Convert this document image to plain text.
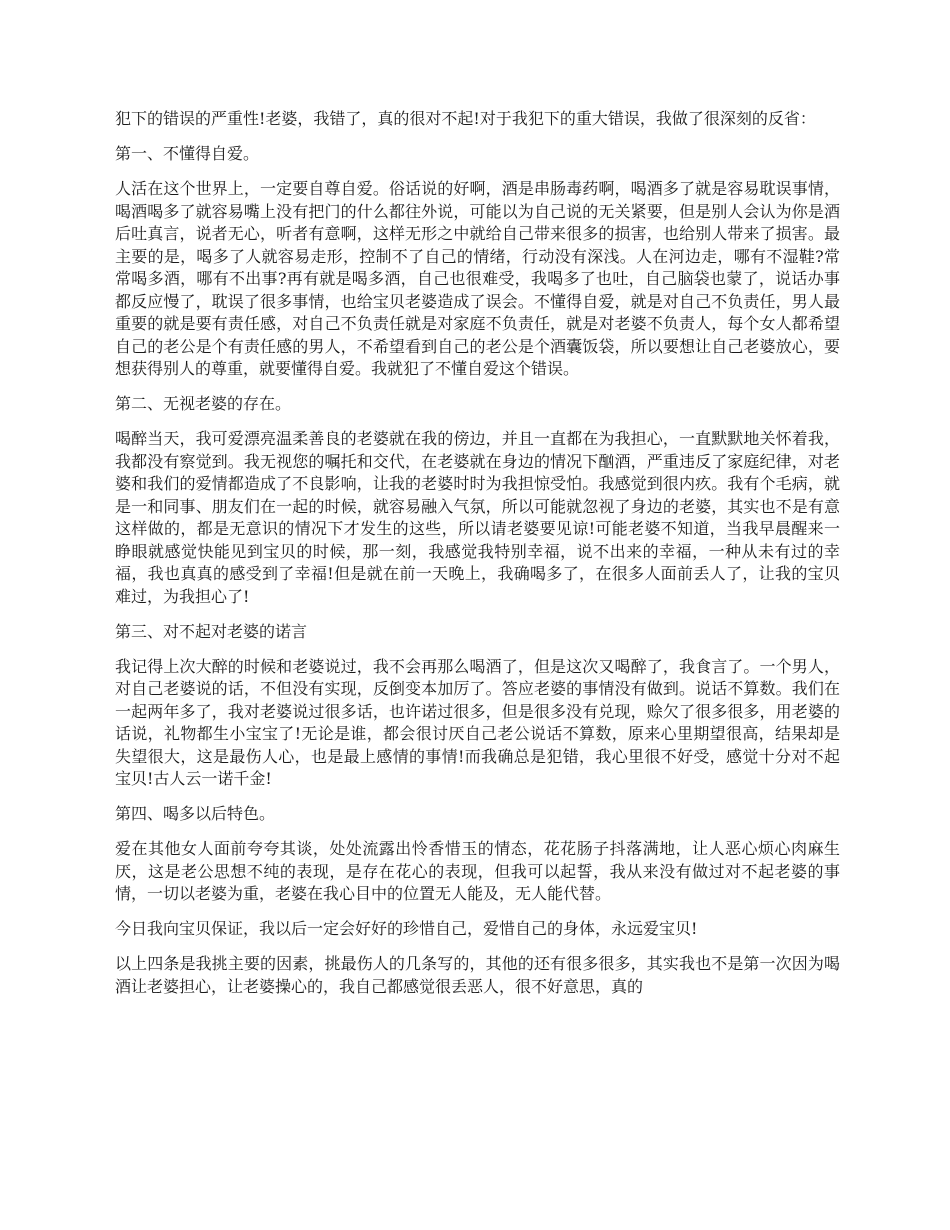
犯下的错误的严重性!老婆，我错了，真的很对不起!对于我犯下的重大错误，我做了很深刻的反省：

第一、不懂得自爱。

人活在这个世界上，一定要自尊自爱。俗话说的好啊，酒是串肠毒药啊，喝酒多了就是容易耽误事情，喝酒喝多了就容易嘴上没有把门的什么都往外说，可能以为自己说的无关紧要，但是别人会认为你是酒后吐真言，说者无心，听者有意啊，这样无形之中就给自己带来很多的损害，也给别人带来了损害。最主要的是，喝多了人就容易走形，控制不了自己的情绪，行动没有深浅。人在河边走，哪有不湿鞋?常常喝多酒，哪有不出事?再有就是喝多酒，自己也很难受，我喝多了也吐，自己脑袋也蒙了，说话办事都反应慢了，耽误了很多事情，也给宝贝老婆造成了误会。不懂得自爱，就是对自己不负责任，男人最重要的就是要有责任感，对自己不负责任就是对家庭不负责任，就是对老婆不负责人，每个女人都希望自己的老公是个有责任感的男人，不希望看到自己的老公是个酒囊饭袋，所以要想让自己老婆放心，要想获得别人的尊重，就要懂得自爱。我就犯了不懂自爱这个错误。

第二、无视老婆的存在。

喝醉当天，我可爱漂亮温柔善良的老婆就在我的傍边，并且一直都在为我担心，一直默默地关怀着我，我都没有察觉到。我无视您的嘱托和交代，在老婆就在身边的情况下酗酒，严重违反了家庭纪律，对老婆和我们的爱情都造成了不良影响，让我的老婆时时为我担惊受怕。我感觉到很内疚。我有个毛病，就是一和同事、朋友们在一起的时候，就容易融入气氛，所以可能就忽视了身边的老婆，其实也不是有意这样做的，都是无意识的情况下才发生的这些，所以请老婆要见谅!可能老婆不知道，当我早晨醒来一睁眼就感觉快能见到宝贝的时候，那一刻，我感觉我特别幸福，说不出来的幸福，一种从未有过的幸福，我也真真的感受到了幸福!但是就在前一天晚上，我确喝多了，在很多人面前丢人了，让我的宝贝难过，为我担心了!

第三、对不起对老婆的诺言

我记得上次大醉的时候和老婆说过，我不会再那么喝酒了，但是这次又喝醉了，我食言了。一个男人，对自己老婆说的话，不但没有实现，反倒变本加厉了。答应老婆的事情没有做到。说话不算数。我们在一起两年多了，我对老婆说过很多话，也许诺过很多，但是很多没有兑现，赊欠了很多很多，用老婆的话说，礼物都生小宝宝了!无论是谁，都会很讨厌自己老公说话不算数，原来心里期望很高，结果却是失望很大，这是最伤人心，也是最上感情的事情!而我确总是犯错，我心里很不好受，感觉十分对不起宝贝!古人云一诺千金!

第四、喝多以后特色。

爱在其他女人面前夸夸其谈，处处流露出怜香惜玉的情态，花花肠子抖落满地，让人恶心烦心肉麻生厌，这是老公思想不纯的表现，是存在花心的表现，但我可以起誓，我从来没有做过对不起老婆的事情，一切以老婆为重，老婆在我心目中的位置无人能及，无人能代替。

今日我向宝贝保证，我以后一定会好好的珍惜自己，爱惜自己的身体，永远爱宝贝!

以上四条是我挑主要的因素，挑最伤人的几条写的，其他的还有很多很多，其实我也不是第一次因为喝酒让老婆担心，让老婆操心的，我自己都感觉很丢恶人，很不好意思，真的
